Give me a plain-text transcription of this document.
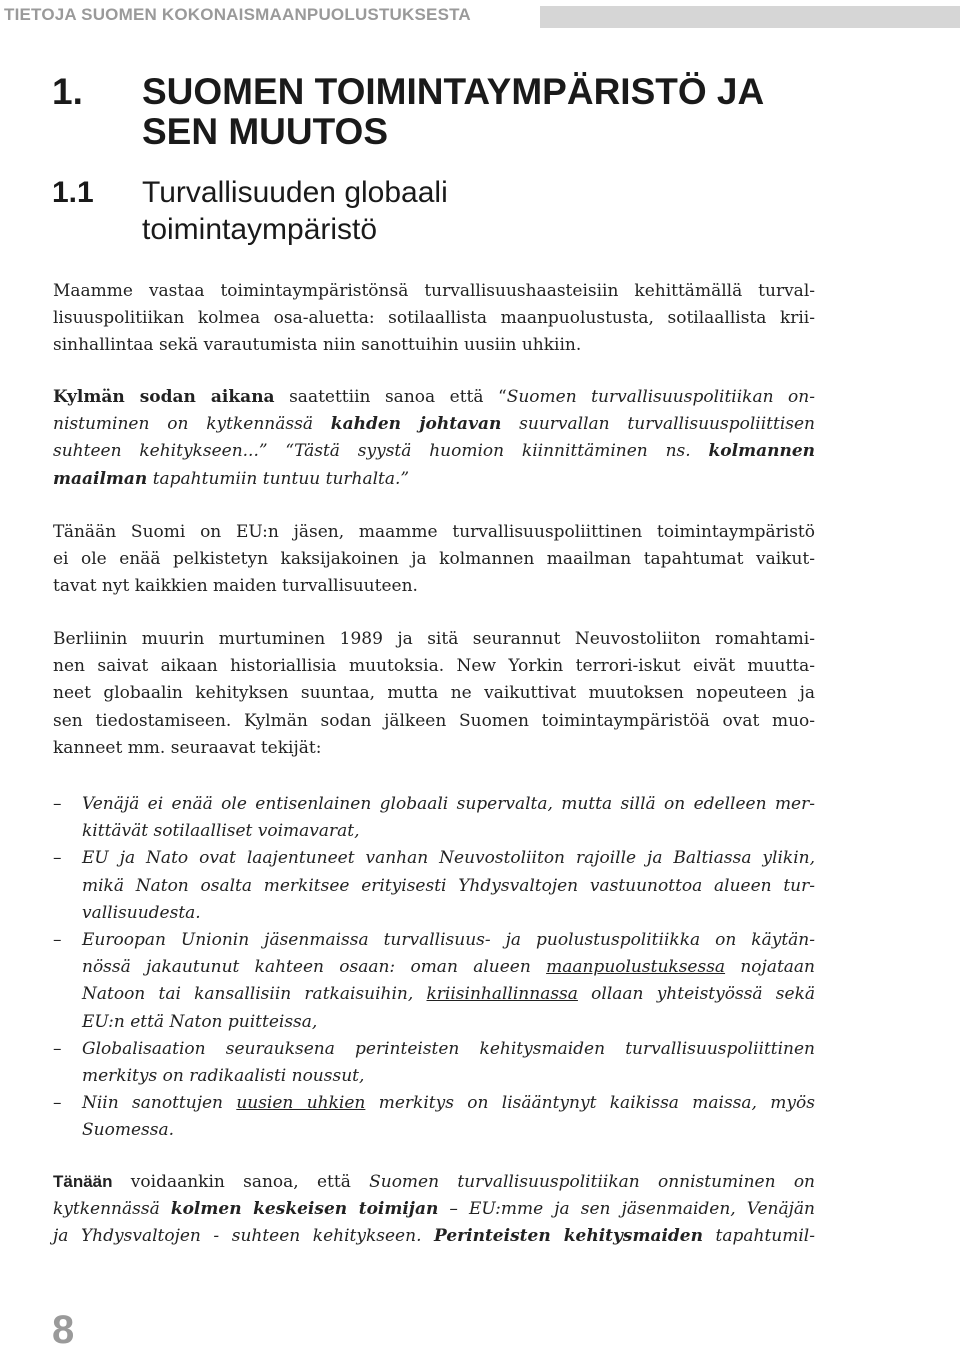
TIETOJA SUOMEN KOKONAISMAANPUOLUSTUKSESTA
1. SUOMEN TOIMINTAYMPÄRISTÖ JA
SEN MUUTOS
1.1 Turvallisuuden globaali
toimintaympäristö
Maamme vastaa toimintaympäristönsä turvallisuushaasteisiin kehittämällä turval-
lisuuspolitiikan kolmea osa-aluetta: sotilaallista maanpuolustusta, sotilaallista krii-
sinhallintaa sekä varautumista niin sanottuihin uusiin uhkiin.
Kylmän sodan aikana saatettiin sanoa että “Suomen turvallisuuspolitiikan on-
nistuminen on kytkennässä kahden johtavan suurvallan turvallisuuspoliittisen
suhteen kehitykseen...” “Tästä syystä huomion kiinnittäminen ns. kolmannen
maailman tapahtumiin tuntuu turhalta.”
Tänään Suomi on EU:n jäsen, maamme turvallisuuspoliittinen toimintaympäristö
ei ole enää pelkistetyn kaksijakoinen ja kolmannen maailman tapahtumat vaikut-
tavat nyt kaikkien maiden turvallisuuteen.
Berliinin muurin murtuminen 1989 ja sitä seurannut Neuvostoliiton romahtami-
nen saivat aikaan historiallisia muutoksia. New Yorkin terrori-iskut eivät muutta-
neet globaalin kehityksen suuntaa, mutta ne vaikuttivat muutoksen nopeuteen ja
sen tiedostamiseen. Kylmän sodan jälkeen Suomen toimintaympäristöä ovat muo-
kanneet mm. seuraavat tekijät:
– Venäjä ei enää ole entisenlainen globaali supervalta, mutta sillä on edelleen mer-
kittävät sotilaalliset voimavarat,
– EU ja Nato ovat laajentuneet vanhan Neuvostoliiton rajoille ja Baltiassa ylikin,
mikä Naton osalta merkitsee erityisesti Yhdysvaltojen vastuunottoa alueen tur-
vallisuudesta.
– Euroopan Unionin jäsenmaissa turvallisuus- ja puolustuspolitiikka on käytän-
nössä jakautunut kahteen osaan: oman alueen maanpuolustuksessa nojataan
Natoon tai kansallisiin ratkaisuihin, kriisinhallinnassa ollaan yhteistyössä sekä
EU:n että Naton puitteissa,
– Globalisaation seurauksena perinteisten kehitysmaiden turvallisuuspoliittinen
merkitys on radikaalisti noussut,
– Niin sanottujen uusien uhkien merkitys on lisääntynyt kaikissa maissa, myös
Suomessa.
Tänään voidaankin sanoa, että Suomen turvallisuuspolitiikan onnistuminen on
kytkennässä kolmen keskeisen toimijan – EU:mme ja sen jäsenmaiden, Venäjän
ja Yhdysvaltojen - suhteen kehitykseen. Perinteisten kehitysmaiden tapahtumil-
8
